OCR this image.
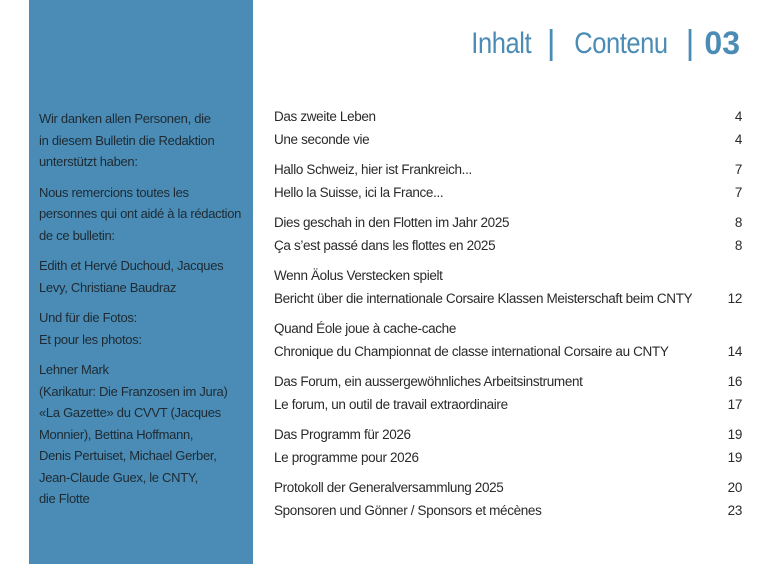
Wir danken allen Personen, die
in diesem Bulletin die Redaktion
unterstützt haben:

Nous remercions toutes les
personnes qui ont aidé à la rédaction
de ce bulletin:

Edith et Hervé Duchoud, Jacques
Levy, Christiane Baudraz

Und für die Fotos:
Et pour les photos:

Lehner Mark
(Karikatur: Die Franzosen im Jura)
«La Gazette» du CVVT (Jacques
Monnier), Bettina Hoffmann,
Denis Pertuiset, Michael Gerber,
Jean-Claude Guex, le CNTY,
die Flotte

Inhalt | Contenu | 03
Das zweite Leben	4
Une seconde vie	4
Hallo Schweiz, hier ist Frankreich...	7
Hello la Suisse, ici la France...	7
Dies geschah in den Flotten im Jahr 2025	8
Ça s’est passé dans les flottes en 2025	8
Wenn Äolus Verstecken spielt
Bericht über die internationale Corsaire Klassen Meisterschaft beim CNTY	12
Quand Éole joue à cache-cache
Chronique du Championnat de classe international Corsaire au CNTY	14
Das Forum, ein aussergewöhnliches Arbeitsinstrument	16
Le forum, un outil de travail extraordinaire	17
Das Programm für 2026	19
Le programme pour 2026	19
Protokoll der Generalversammlung 2025	20
Sponsoren und Gönner / Sponsors et mécènes	23
